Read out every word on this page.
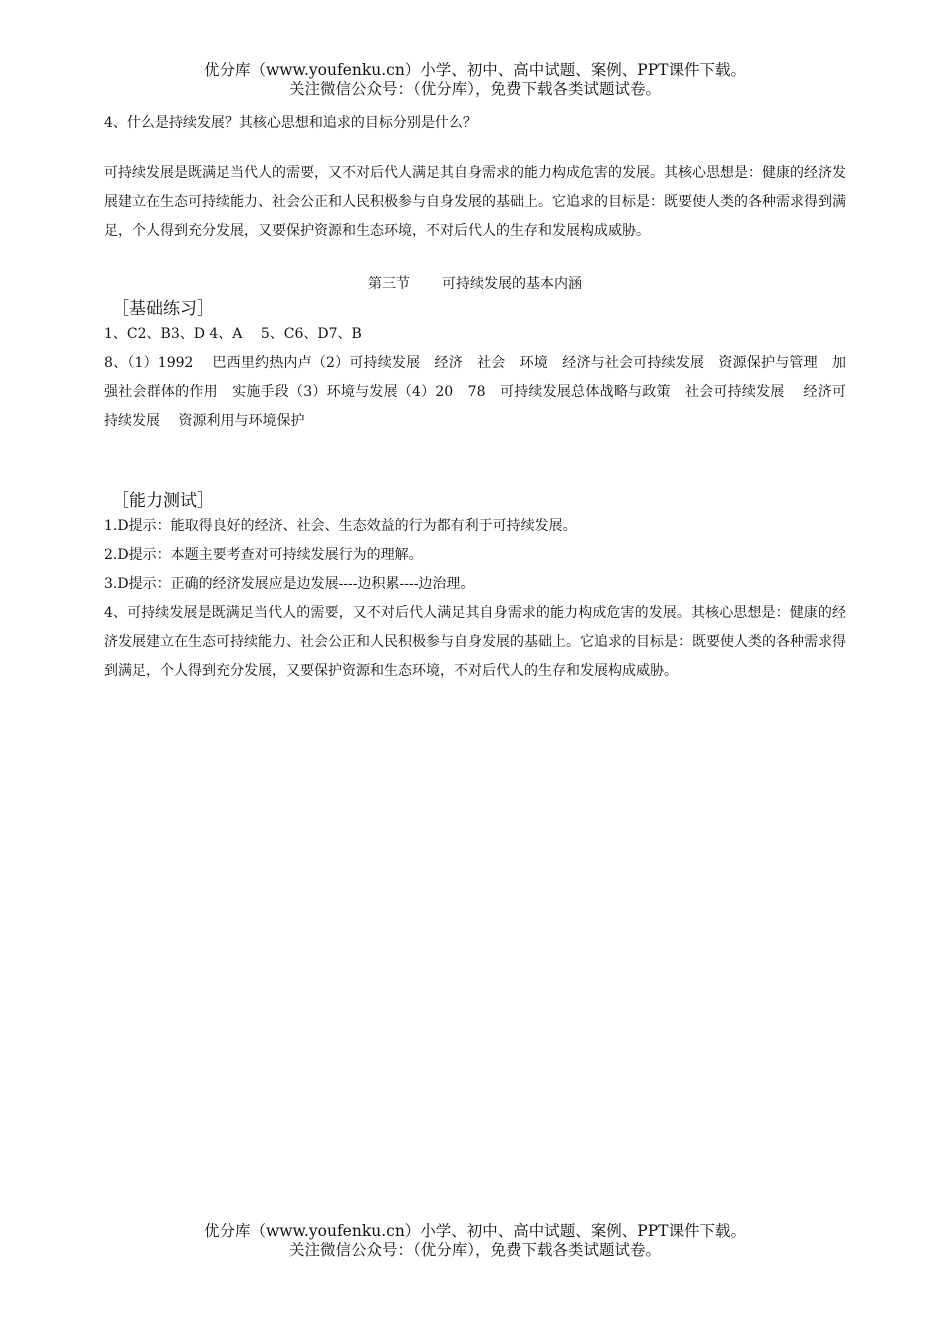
优分库（www.youfenku.cn）小学、初中、高中试题、案例、PPT课件下载。
关注微信公众号：（优分库），免费下载各类试题试卷。

4、什么是持续发展？其核心思想和追求的目标分别是什么？

可持续发展是既满足当代人的需要，又不对后代人满足其自身需求的能力构成危害的发展。其核心思想是：健康的经济发展建立在生态可持续能力、社会公正和人民积极参与自身发展的基础上。它追求的目标是：既要使人类的各种需求得到满足，个人得到充分发展，又要保护资源和生态环境，不对后代人的生存和发展构成威胁。

第三节 可持续发展的基本内涵

［基础练习］

1、C2、B3、D 4、A　 5、C6、D7、B

8、（1）1992　 巴西里约热内卢（2）可持续发展　经济　社会　环境　经济与社会可持续发展　资源保护与管理　加强社会群体的作用　实施手段（3）环境与发展（4）20　78　可持续发展总体战略与政策　社会可持续发展　 经济可持续发展　 资源利用与环境保护

［能力测试］

1.D提示：能取得良好的经济、社会、生态效益的行为都有利于可持续发展。

2.D提示：本题主要考查对可持续发展行为的理解。

3.D提示：正确的经济发展应是边发展----边积累----边治理。

4、可持续发展是既满足当代人的需要，又不对后代人满足其自身需求的能力构成危害的发展。其核心思想是：健康的经济发展建立在生态可持续能力、社会公正和人民积极参与自身发展的基础上。它追求的目标是：既要使人类的各种需求得到满足，个人得到充分发展，又要保护资源和生态环境，不对后代人的生存和发展构成威胁。

优分库（www.youfenku.cn）小学、初中、高中试题、案例、PPT课件下载。
关注微信公众号：（优分库），免费下载各类试题试卷。
